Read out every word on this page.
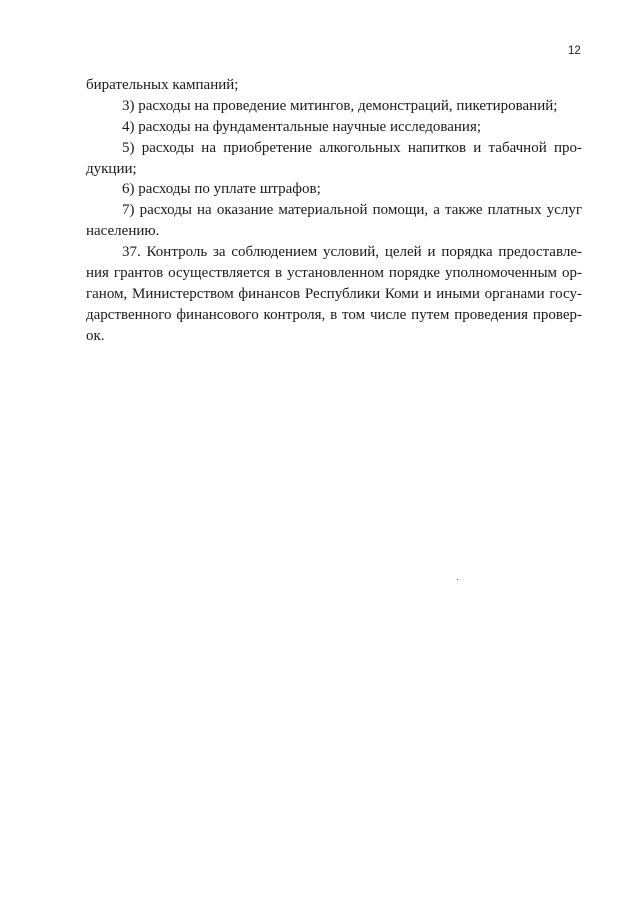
12
бирательных кампаний;
3) расходы на проведение митингов, демонстраций, пикетирований;
4) расходы на фундаментальные научные исследования;
5) расходы на приобретение алкогольных напитков и табачной про-
дукции;
6) расходы по уплате штрафов;
7) расходы на оказание материальной помощи, а также платных услуг
населению.
37. Контроль за соблюдением условий, целей и порядка предоставле-
ния грантов осуществляется в установленном порядке уполномоченным ор-
ганом, Министерством финансов Республики Коми и иными органами госу-
дарственного финансового контроля, в том числе путем проведения провер-
ок.
